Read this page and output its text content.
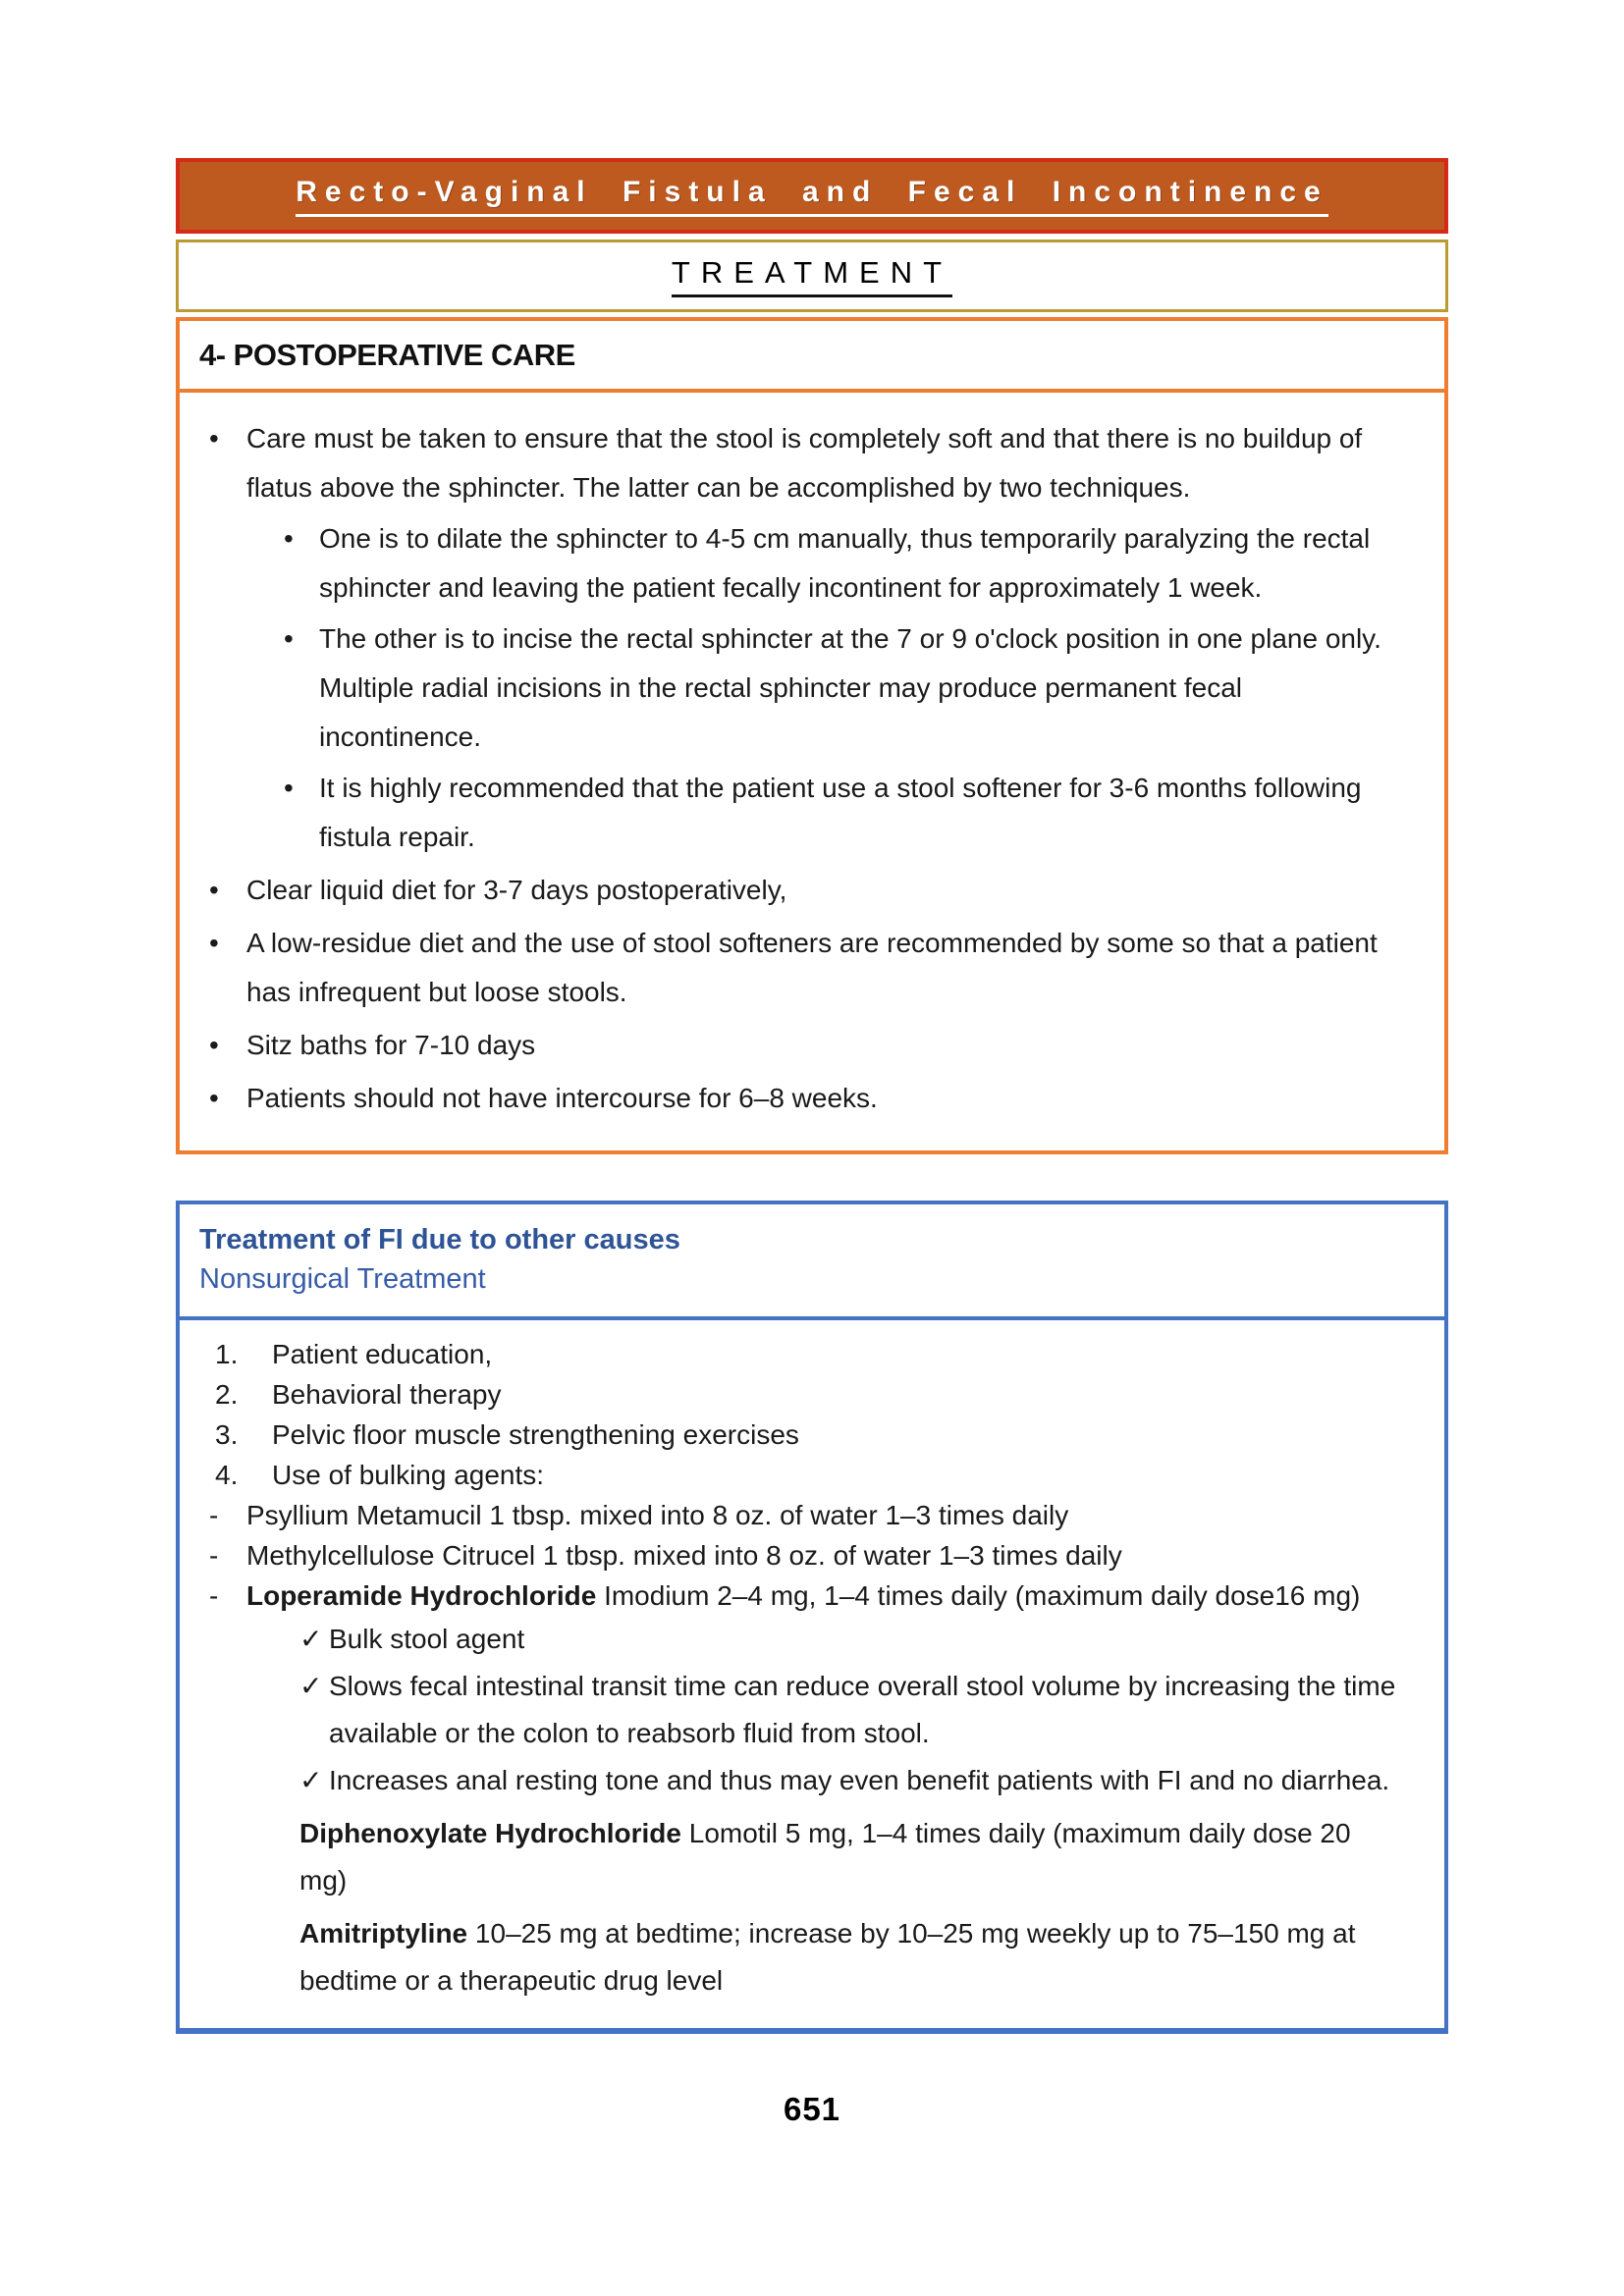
Recto-Vaginal Fistula and Fecal Incontinence
TREATMENT
4- POSTOPERATIVE CARE
•	Care must be taken to ensure that the stool is completely soft and that there is no buildup of flatus above the sphincter. The latter can be accomplished by two techniques.
• One is to dilate the sphincter to 4-5 cm manually, thus temporarily paralyzing the rectal sphincter and leaving the patient fecally incontinent for approximately 1 week.
• The other is to incise the rectal sphincter at the 7 or 9 o'clock position in one plane only. Multiple radial incisions in the rectal sphincter may produce permanent fecal incontinence.
• It is highly recommended that the patient use a stool softener for 3-6 months following fistula repair.
•	Clear liquid diet for 3-7 days postoperatively,
•	A low-residue diet and the use of stool softeners are recommended by some so that a patient has infrequent but loose stools.
•	Sitz baths for 7-10 days
•	Patients should not have intercourse for 6–8 weeks.
Treatment of FI due to other causes
Nonsurgical Treatment
1.	Patient education,
2.	Behavioral therapy
3.	Pelvic floor muscle strengthening exercises
4.	Use of bulking agents:
-	Psyllium Metamucil 1 tbsp. mixed into 8 oz. of water 1–3 times daily
-	Methylcellulose Citrucel 1 tbsp. mixed into 8 oz. of water 1–3 times daily
-	Loperamide Hydrochloride Imodium 2–4 mg, 1–4 times daily (maximum daily dose16 mg)
✓ Bulk stool agent
✓ Slows fecal intestinal transit time can reduce overall stool volume by increasing the time available or the colon to reabsorb fluid from stool.
✓ Increases anal resting tone and thus may even benefit patients with FI and no diarrhea.
Diphenoxylate Hydrochloride Lomotil 5 mg, 1–4 times daily (maximum daily dose 20 mg)
Amitriptyline 10–25 mg at bedtime; increase by 10–25 mg weekly up to 75–150 mg at bedtime or a therapeutic drug level
651
